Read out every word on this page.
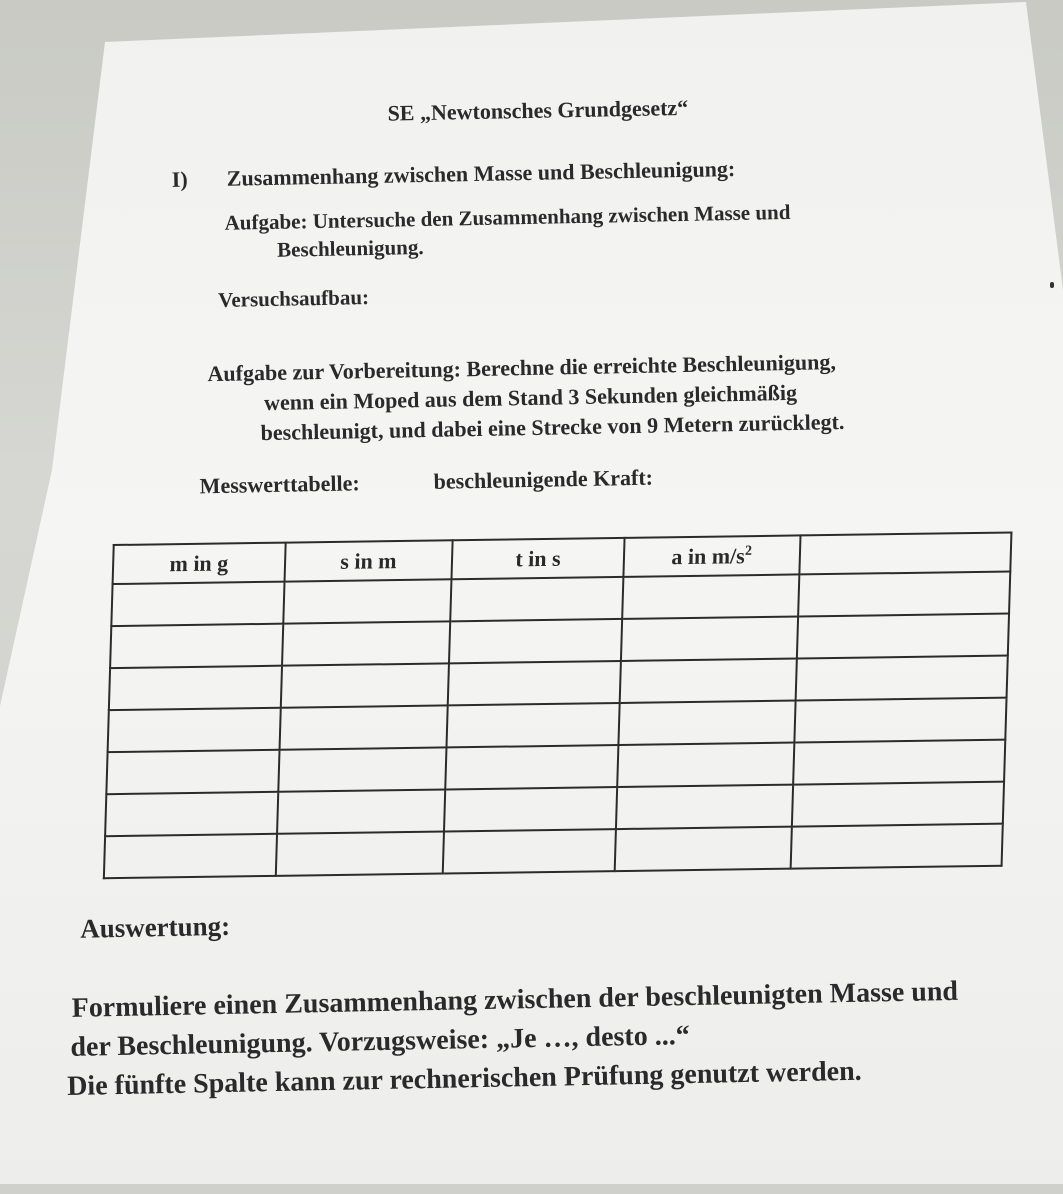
SE „Newtonsches Grundgesetz“
I) Zusammenhang zwischen Masse und Beschleunigung:
Aufgabe: Untersuche den Zusammenhang zwischen Masse und
Beschleunigung.
Versuchsaufbau:
Aufgabe zur Vorbereitung: Berechne die erreichte Beschleunigung,
wenn ein Moped aus dem Stand 3 Sekunden gleichmäßig
beschleunigt, und dabei eine Strecke von 9 Metern zurücklegt.
Messwerttabelle:	beschleunigende Kraft:
m in g	s in m	t in s	a in $m/s^2$	

Auswertung:
Formuliere einen Zusammenhang zwischen der beschleunigten Masse und
der Beschleunigung. Vorzugsweise: „Je …, desto ...“
Die fünfte Spalte kann zur rechnerischen Prüfung genutzt werden.
